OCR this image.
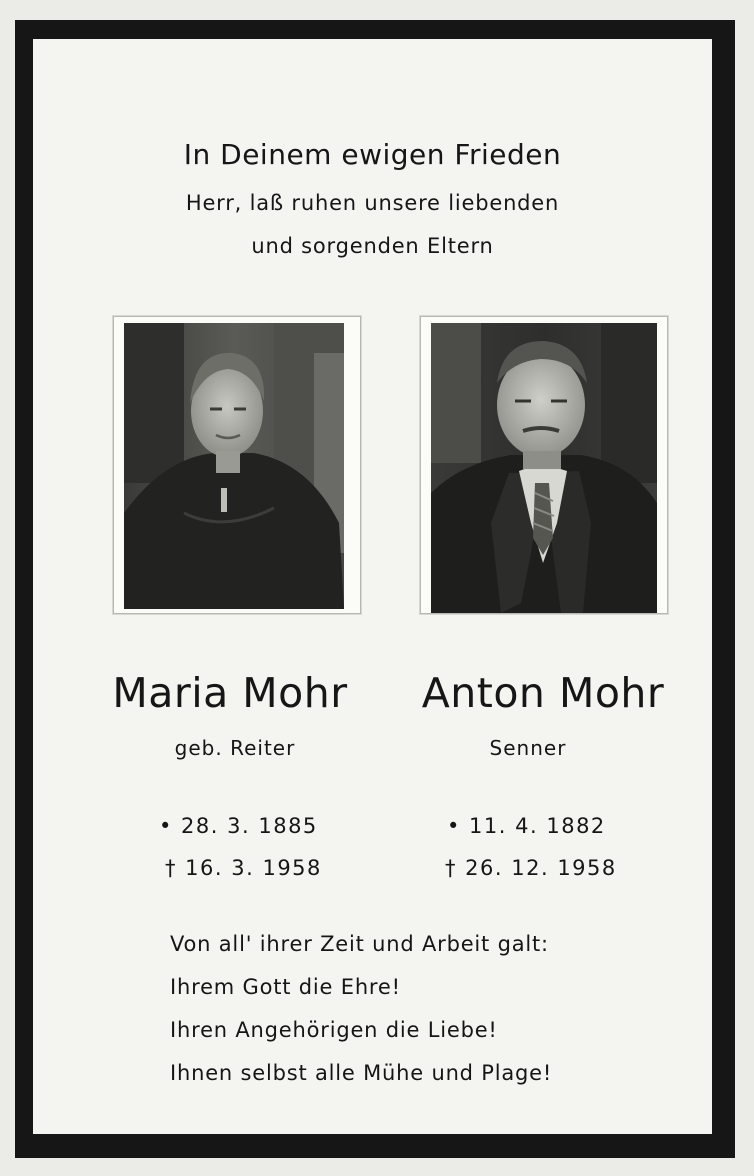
In Deinem ewigen Frieden
Herr, laß ruhen unsere liebenden
und sorgenden Eltern
Maria Mohr	Anton Mohr
geb. Reiter	Senner
• 28. 3. 1885
† 16. 3. 1958
• 11. 4. 1882
† 26. 12. 1958
Von all' ihrer Zeit und Arbeit galt:
Ihrem Gott die Ehre!
Ihren Angehörigen die Liebe!
Ihnen selbst alle Mühe und Plage!
